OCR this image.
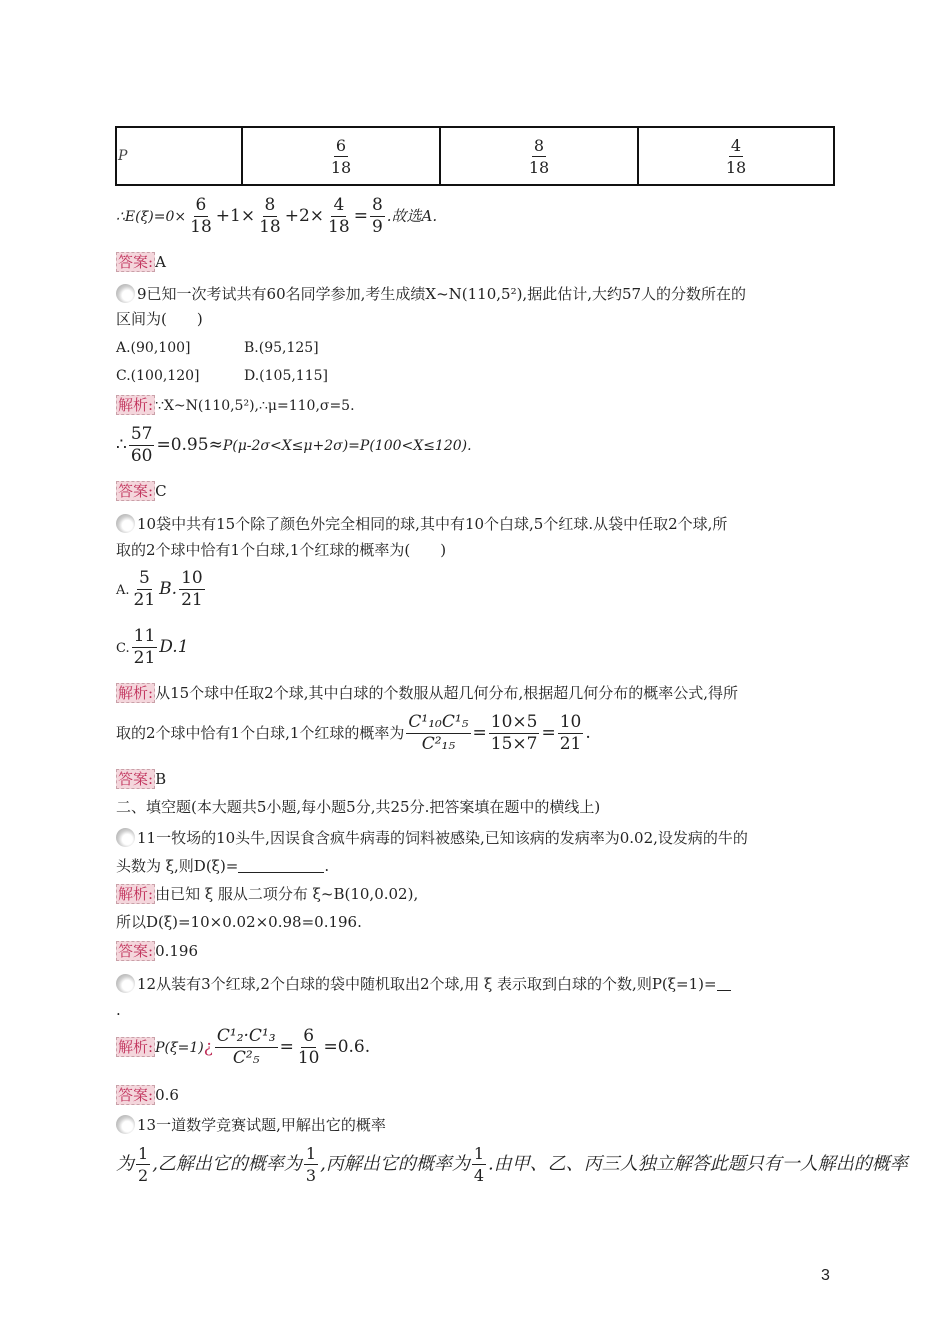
P	$\frac{6}{18}$	$\frac{8}{18}$	$\frac{4}{18}$
∴E(ξ)=0× $\frac{6}{18} +1\times \frac{8}{18} +2\times \frac{4}{18} = \frac{8}{9}$ .故选A.
答案: A
9已知一次考试共有60名同学参加,考生成绩X~N(110,5²),据此估计,大约57人的分数所在的
区间为(　　)
A.(90,100]	B.(95,125]
C.(100,120]	D.(105,115]
解析: ∵X~N(110,5²),∴μ=110,σ=5.
∴ $\frac{57}{60} =0.95\approx P(\mu-2\sigma<X\le\mu+2\sigma)=P(100<X\le 120)$.
答案: C
10袋中共有15个除了颜色外完全相同的球,其中有10个白球,5个红球.从袋中任取2个球,所
取的2个球中恰有1个白球,1个红球的概率为(　　)
A. $\frac{5}{21} B$. $\frac{10}{21}$
C. $\frac{11}{21} D.1$
解析: 从15个球中任取2个球,其中白球的个数服从超几何分布,根据超几何分布的概率公式,得所
取的2个球中恰有1个白球,1个红球的概率为 $\frac{\text{C¹₁₀C¹₅}}{\text{C²₁₅}} = \frac{10\times 5}{15\times 7} = \frac{10}{21}$ .
答案: B
二、填空题(本大题共5小题,每小题5分,共25分.把答案填在题中的横线上)
11一牧场的10头牛,因误食含疯牛病毒的饲料被感染,已知该病的发病率为0.02,设发病的牛的
头数为 ξ,则D(ξ)=	.
解析: 由已知 ξ 服从二项分布 ξ~B(10,0.02),
所以D(ξ)=10×0.02×0.98=0.196.
答案: 0.196
12从装有3个红球,2个白球的袋中随机取出2个球,用 ξ 表示取到白球的个数,则P(ξ=1)=
.
解析: P(ξ=1)¿ $\frac{\text{C¹₂·C¹₃}}{\text{C²₅}} = \frac{6}{10} =0.6$.
答案: 0.6
13一道数学竞赛试题,甲解出它的概率
为 $\frac{1}{2}$ ,乙解出它的概率为 $\frac{1}{3}$ ,丙解出它的概率为 $\frac{1}{4}$ .由甲、乙、丙三人独立解答此题只有一人解出的概率
3
